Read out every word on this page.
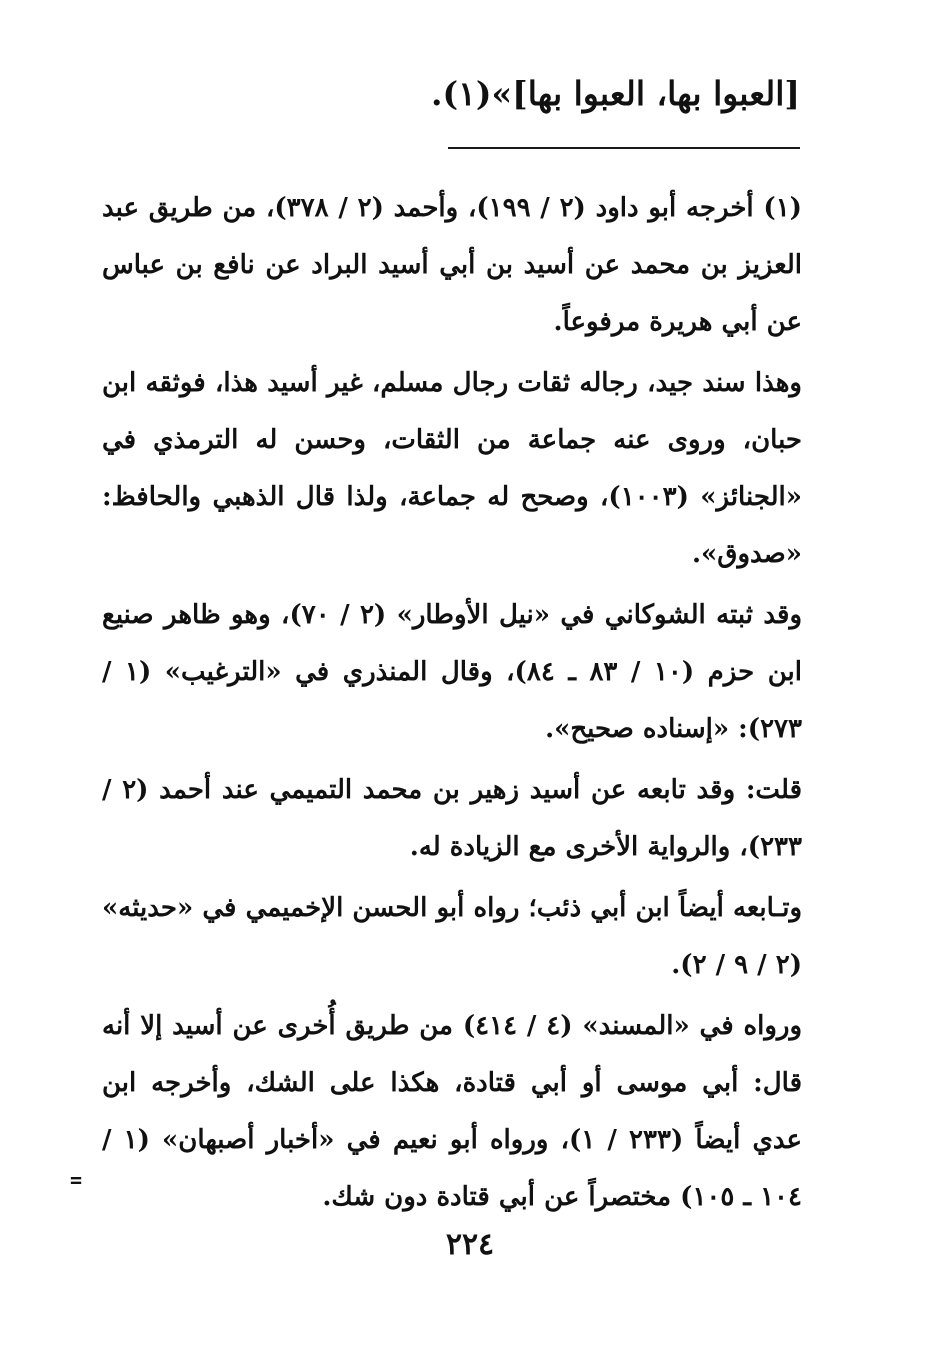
[العبوا بها، العبوا بها]»(١).

(١) أخرجه أبو داود (٢ / ١٩٩)، وأحمد (٢ / ٣٧٨)، من طريق عبد العزيز بن محمد عن أسيد بن أبي أسيد البراد عن نافع بن عباس عن أبي هريرة مرفوعاً.

وهذا سند جيد، رجاله ثقات رجال مسلم، غير أسيد هذا، فوثقه ابن حبان، وروى عنه جماعة من الثقات، وحسن له الترمذي في «الجنائز» (١٠٠٣)، وصحح له جماعة، ولذا قال الذهبي والحافظ: «صدوق».

وقد ثبته الشوكاني في «نيل الأوطار» (٢ / ٧٠)، وهو ظاهر صنيع ابن حزم (١٠ / ٨٣ ـ ٨٤)، وقال المنذري في «الترغيب» (١ / ٢٧٣): «إسناده صحيح».

قلت: وقد تابعه عن أسيد زهير بن محمد التميمي عند أحمد (٢ /٢٣٣)، والرواية الأخرى مع الزيادة له.

وتـابعه أيضاً ابن أبي ذئب؛ رواه أبو الحسن الإخميمي في «حديثه» (٢ / ٩ / ٢).

ورواه في «المسند» (٤ / ٤١٤) من طريق أُخرى عن أسيد إلا أنه قال: أبي موسى أو أبي قتادة، هكذا على الشك، وأخرجه ابن عدي أيضاً (٢٣٣ / ١)، ورواه أبو نعيم في «أخبار أصبهان» (١ / ١٠٤ ـ ١٠٥) مختصراً عن أبي قتادة دون شك.

=
٢٢٤
